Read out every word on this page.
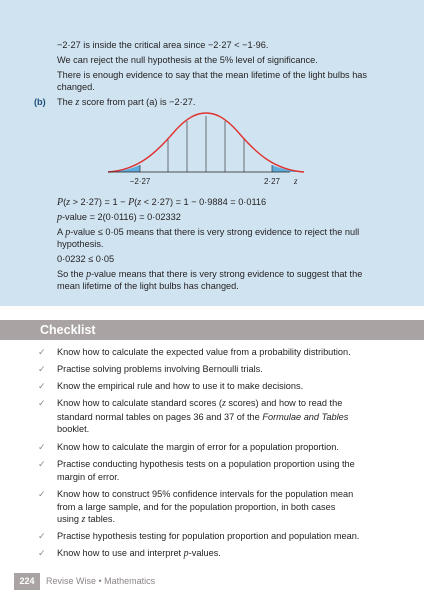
−2·27 is inside the critical area since −2·27 < −1·96.
We can reject the null hypothesis at the 5% level of significance.
There is enough evidence to say that the mean lifetime of the light bulbs has
changed.
(b) The z score from part (a) is −2·27.
−2·27	2·27 z
P(z > 2·27) = 1 − P(z < 2·27) = 1 − 0·9884 = 0·0116
p-value = 2(0·0116) = 0·02332
A p-value ≤ 0·05 means that there is very strong evidence to reject the null
hypothesis.
0·0232 ≤ 0·05
So the p-value means that there is very strong evidence to suggest that the
mean lifetime of the light bulbs has changed.
Checklist
✓ Know how to calculate the expected value from a probability distribution.
✓ Practise solving problems involving Bernoulli trials.
✓ Know the empirical rule and how to use it to make decisions.
✓ Know how to calculate standard scores (z scores) and how to read the
standard normal tables on pages 36 and 37 of the Formulae and Tables
booklet.
✓ Know how to calculate the margin of error for a population proportion.
✓ Practise conducting hypothesis tests on a population proportion using the
margin of error.
✓ Know how to construct 95% confidence intervals for the population mean
from a large sample, and for the population proportion, in both cases
using z tables.
✓ Practise hypothesis testing for population proportion and population mean.
✓ Know how to use and interpret p-values.
224	Revise Wise • Mathematics
